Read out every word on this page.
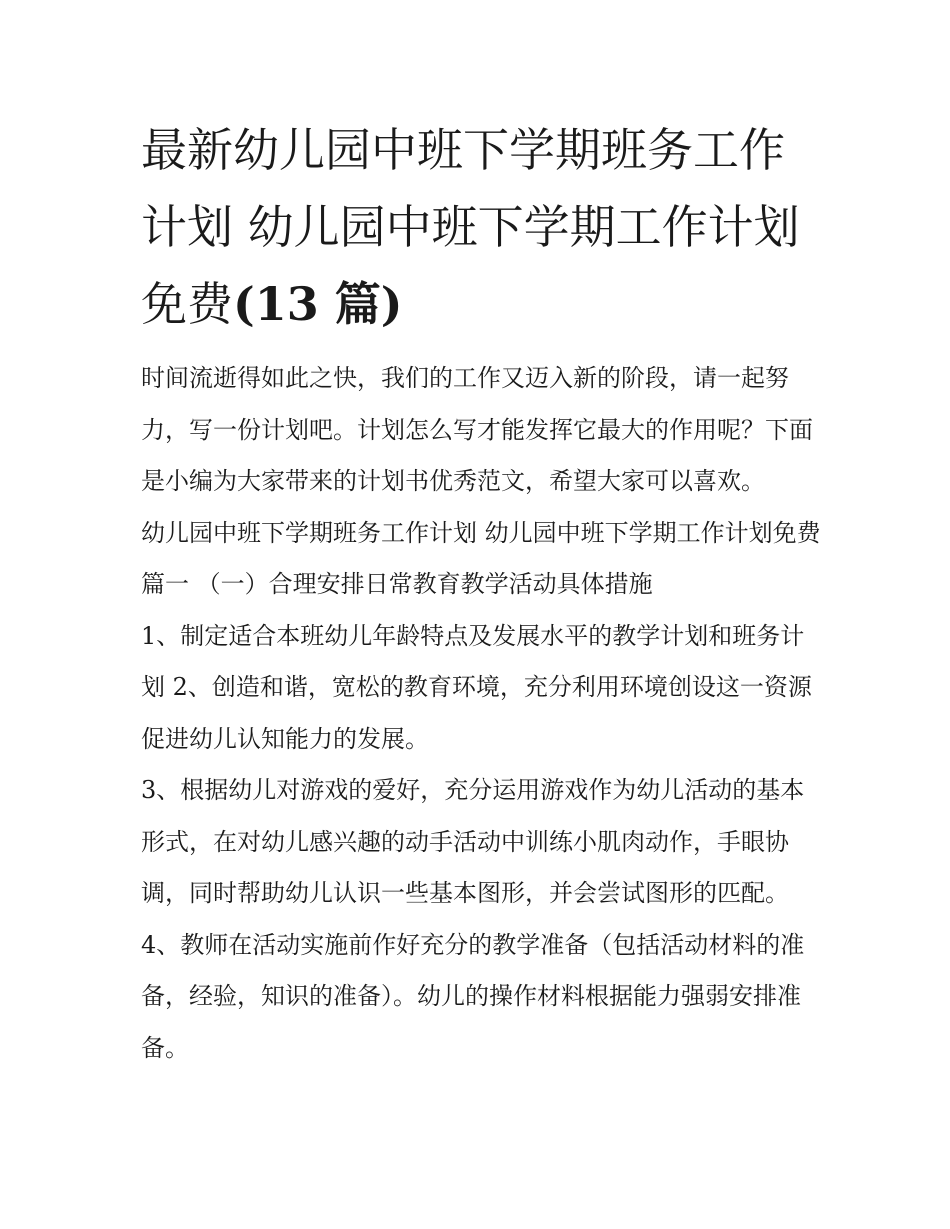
最新幼儿园中班下学期班务工作计划 幼儿园中班下学期工作计划免费(13 篇)

时间流逝得如此之快，我们的工作又迈入新的阶段，请一起努力，写一份计划吧。计划怎么写才能发挥它最大的作用呢？下面是小编为大家带来的计划书优秀范文，希望大家可以喜欢。

幼儿园中班下学期班务工作计划 幼儿园中班下学期工作计划免费篇一 （一）合理安排日常教育教学活动具体措施

1、制定适合本班幼儿年龄特点及发展水平的教学计划和班务计划 2、创造和谐，宽松的教育环境，充分利用环境创设这一资源促进幼儿认知能力的发展。

3、根据幼儿对游戏的爱好，充分运用游戏作为幼儿活动的基本形式，在对幼儿感兴趣的动手活动中训练小肌肉动作，手眼协调，同时帮助幼儿认识一些基本图形，并会尝试图形的匹配。

4、教师在活动实施前作好充分的教学准备（包括活动材料的准备，经验，知识的准备）。幼儿的操作材料根据能力强弱安排准备。
